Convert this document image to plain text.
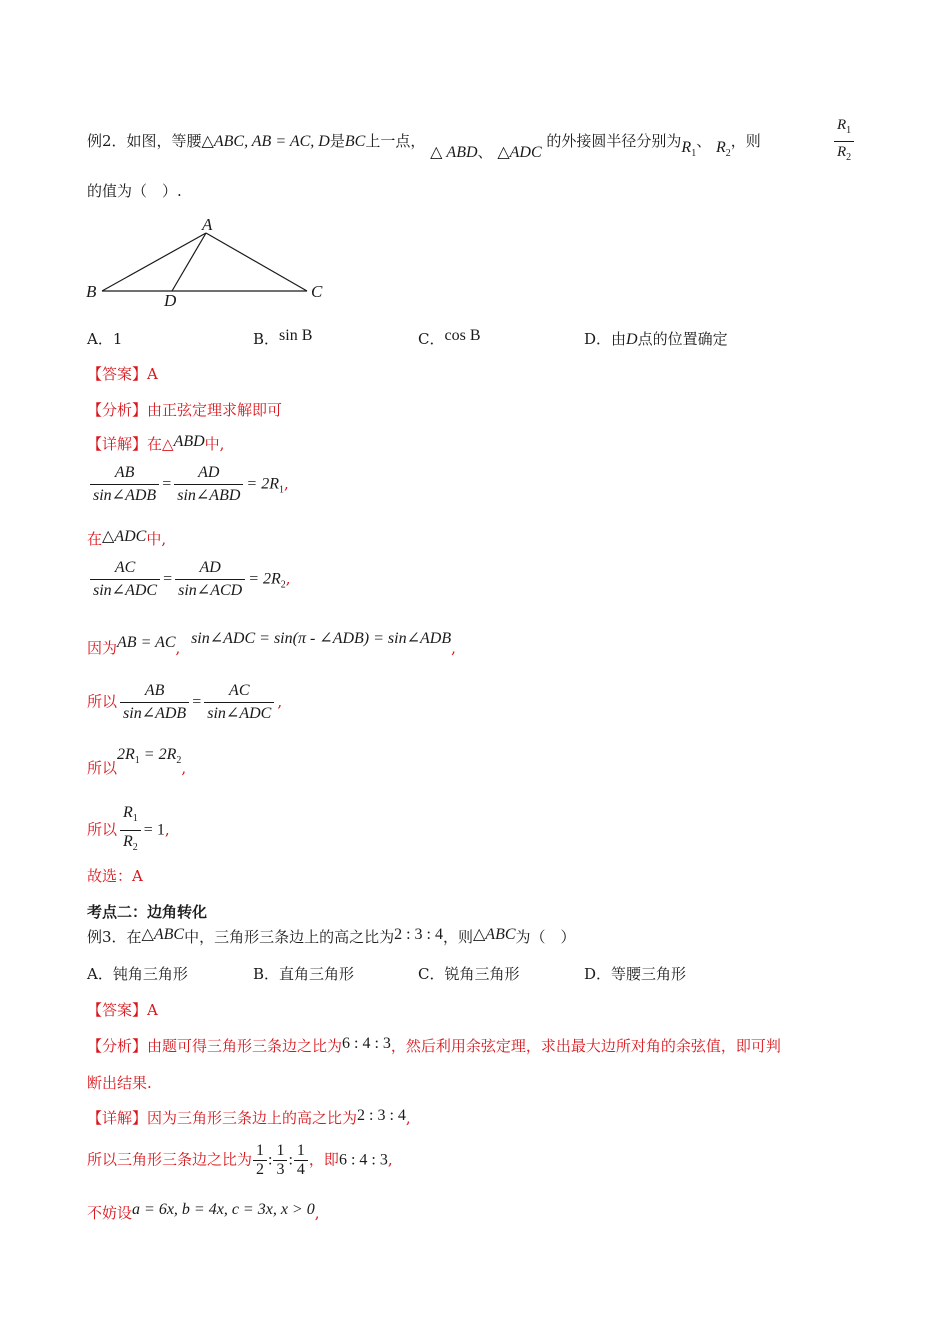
例2．如图，等腰△ABC, AB = AC, D是BC上一点， △ ABD、 △ADC 的外接圆半径分别为$R_1$、 $R_2$，则
$R_1$
$R_2$
的值为（　）.
A
B	C
D
A．1	B．sin B	C．cos B	D．由D点的位置确定
【答案】A
【分析】由正弦定理求解即可
【详解】在△ABD中,
$\frac{AB}{\text{sin∠ADB}} = \frac{AD}{\text{sin∠ABD}} = 2R_1$,
在△ADC中,
$\frac{AC}{\text{sin∠ADC}} = \frac{AD}{\text{sin∠ACD}} = 2R_2$,
因为AB = AC, sin∠ADC = sin(π - ∠ADB) = sin∠ADB,
所以 $\frac{AB}{\text{sin∠ADB}} = \frac{AC}{\text{sin∠ADC}}$ ,
所以$2R_1 = 2R_2$,
所以 $\frac{R_1}{R_2} = 1$,
故选：A
考点二：边角转化
例3．在△ABC中，三角形三条边上的高之比为2 : 3 : 4，则△ABC为（　）
A．钝角三角形	B．直角三角形	C．锐角三角形	D．等腰三角形
【答案】A
【分析】由题可得三角形三条边之比为6 : 4 : 3，然后利用余弦定理，求出最大边所对角的余弦值，即可判
断出结果.
【详解】因为三角形三条边上的高之比为2 : 3 : 4,
所以三角形三条边之比为 $\frac{1}{2}$ : $\frac{1}{3}$ : $\frac{1}{4}$ ，即6 : 4 : 3,
不妨设a = 6x, b = 4x, c = 3x, x > 0,
